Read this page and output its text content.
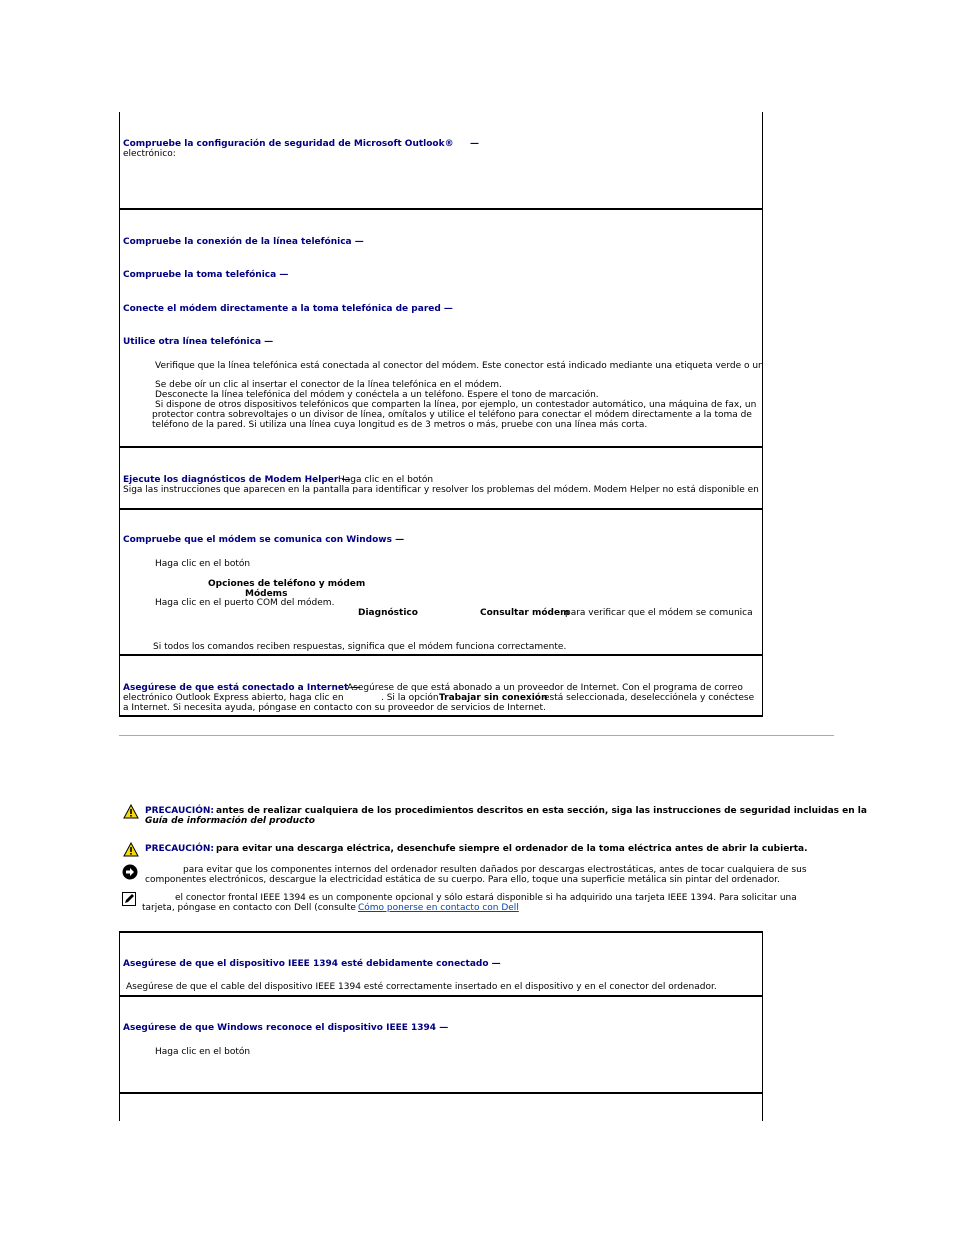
Compruebe la configuración de seguridad de Microsoft Outlook® —
electrónico:
Compruebe la conexión de la línea telefónica —
Compruebe la toma telefónica —
Conecte el módem directamente a la toma telefónica de pared —
Utilice otra línea telefónica —
Verifique que la línea telefónica está conectada al conector del módem. Este conector está indicado mediante una etiqueta verde o un
Se debe oír un clic al insertar el conector de la línea telefónica en el módem.
Desconecte la línea telefónica del módem y conéctela a un teléfono. Espere el tono de marcación.
Si dispone de otros dispositivos telefónicos que comparten la línea, por ejemplo, un contestador automático, una máquina de fax, un
protector contra sobrevoltajes o un divisor de línea, omítalos y utilice el teléfono para conectar el módem directamente a la toma de
teléfono de la pared. Si utiliza una línea cuya longitud es de 3 metros o más, pruebe con una línea más corta.
Ejecute los diagnósticos de Modem Helper —
Haga clic en el botón
Siga las instrucciones que aparecen en la pantalla para identificar y resolver los problemas del módem. Modem Helper no está disponible en
Compruebe que el módem se comunica con Windows —
Haga clic en el botón
Opciones de teléfono y módem
Módems
Haga clic en el puerto COM del módem.
Diagnóstico	Consultar módem
para verificar que el módem se comunica
Si todos los comandos reciben respuestas, significa que el módem funciona correctamente.
Asegúrese de que está conectado a Internet —
Asegúrese de que está abonado a un proveedor de Internet. Con el programa de correo
electrónico Outlook Express abierto, haga clic en	. Si la opción Trabajar sin conexión
está seleccionada, deselecciónela y conéctese
a Internet. Si necesita ayuda, póngase en contacto con su proveedor de servicios de Internet.
PRECAUCIÓN: antes de realizar cualquiera de los procedimientos descritos en esta sección, siga las instrucciones de seguridad incluidas en la
Guía de información del producto
PRECAUCIÓN: para evitar una descarga eléctrica, desenchufe siempre el ordenador de la toma eléctrica antes de abrir la cubierta.
para evitar que los componentes internos del ordenador resulten dañados por descargas electrostáticas, antes de tocar cualquiera de sus
componentes electrónicos, descargue la electricidad estática de su cuerpo. Para ello, toque una superficie metálica sin pintar del ordenador.
el conector frontal IEEE 1394 es un componente opcional y sólo estará disponible si ha adquirido una tarjeta IEEE 1394. Para solicitar una
tarjeta, póngase en contacto con Dell (consulte Cómo ponerse en contacto con Dell
Asegúrese de que el dispositivo IEEE 1394 esté debidamente conectado —
Asegúrese de que el cable del dispositivo IEEE 1394 esté correctamente insertado en el dispositivo y en el conector del ordenador.
Asegúrese de que Windows reconoce el dispositivo IEEE 1394 —
Haga clic en el botón
